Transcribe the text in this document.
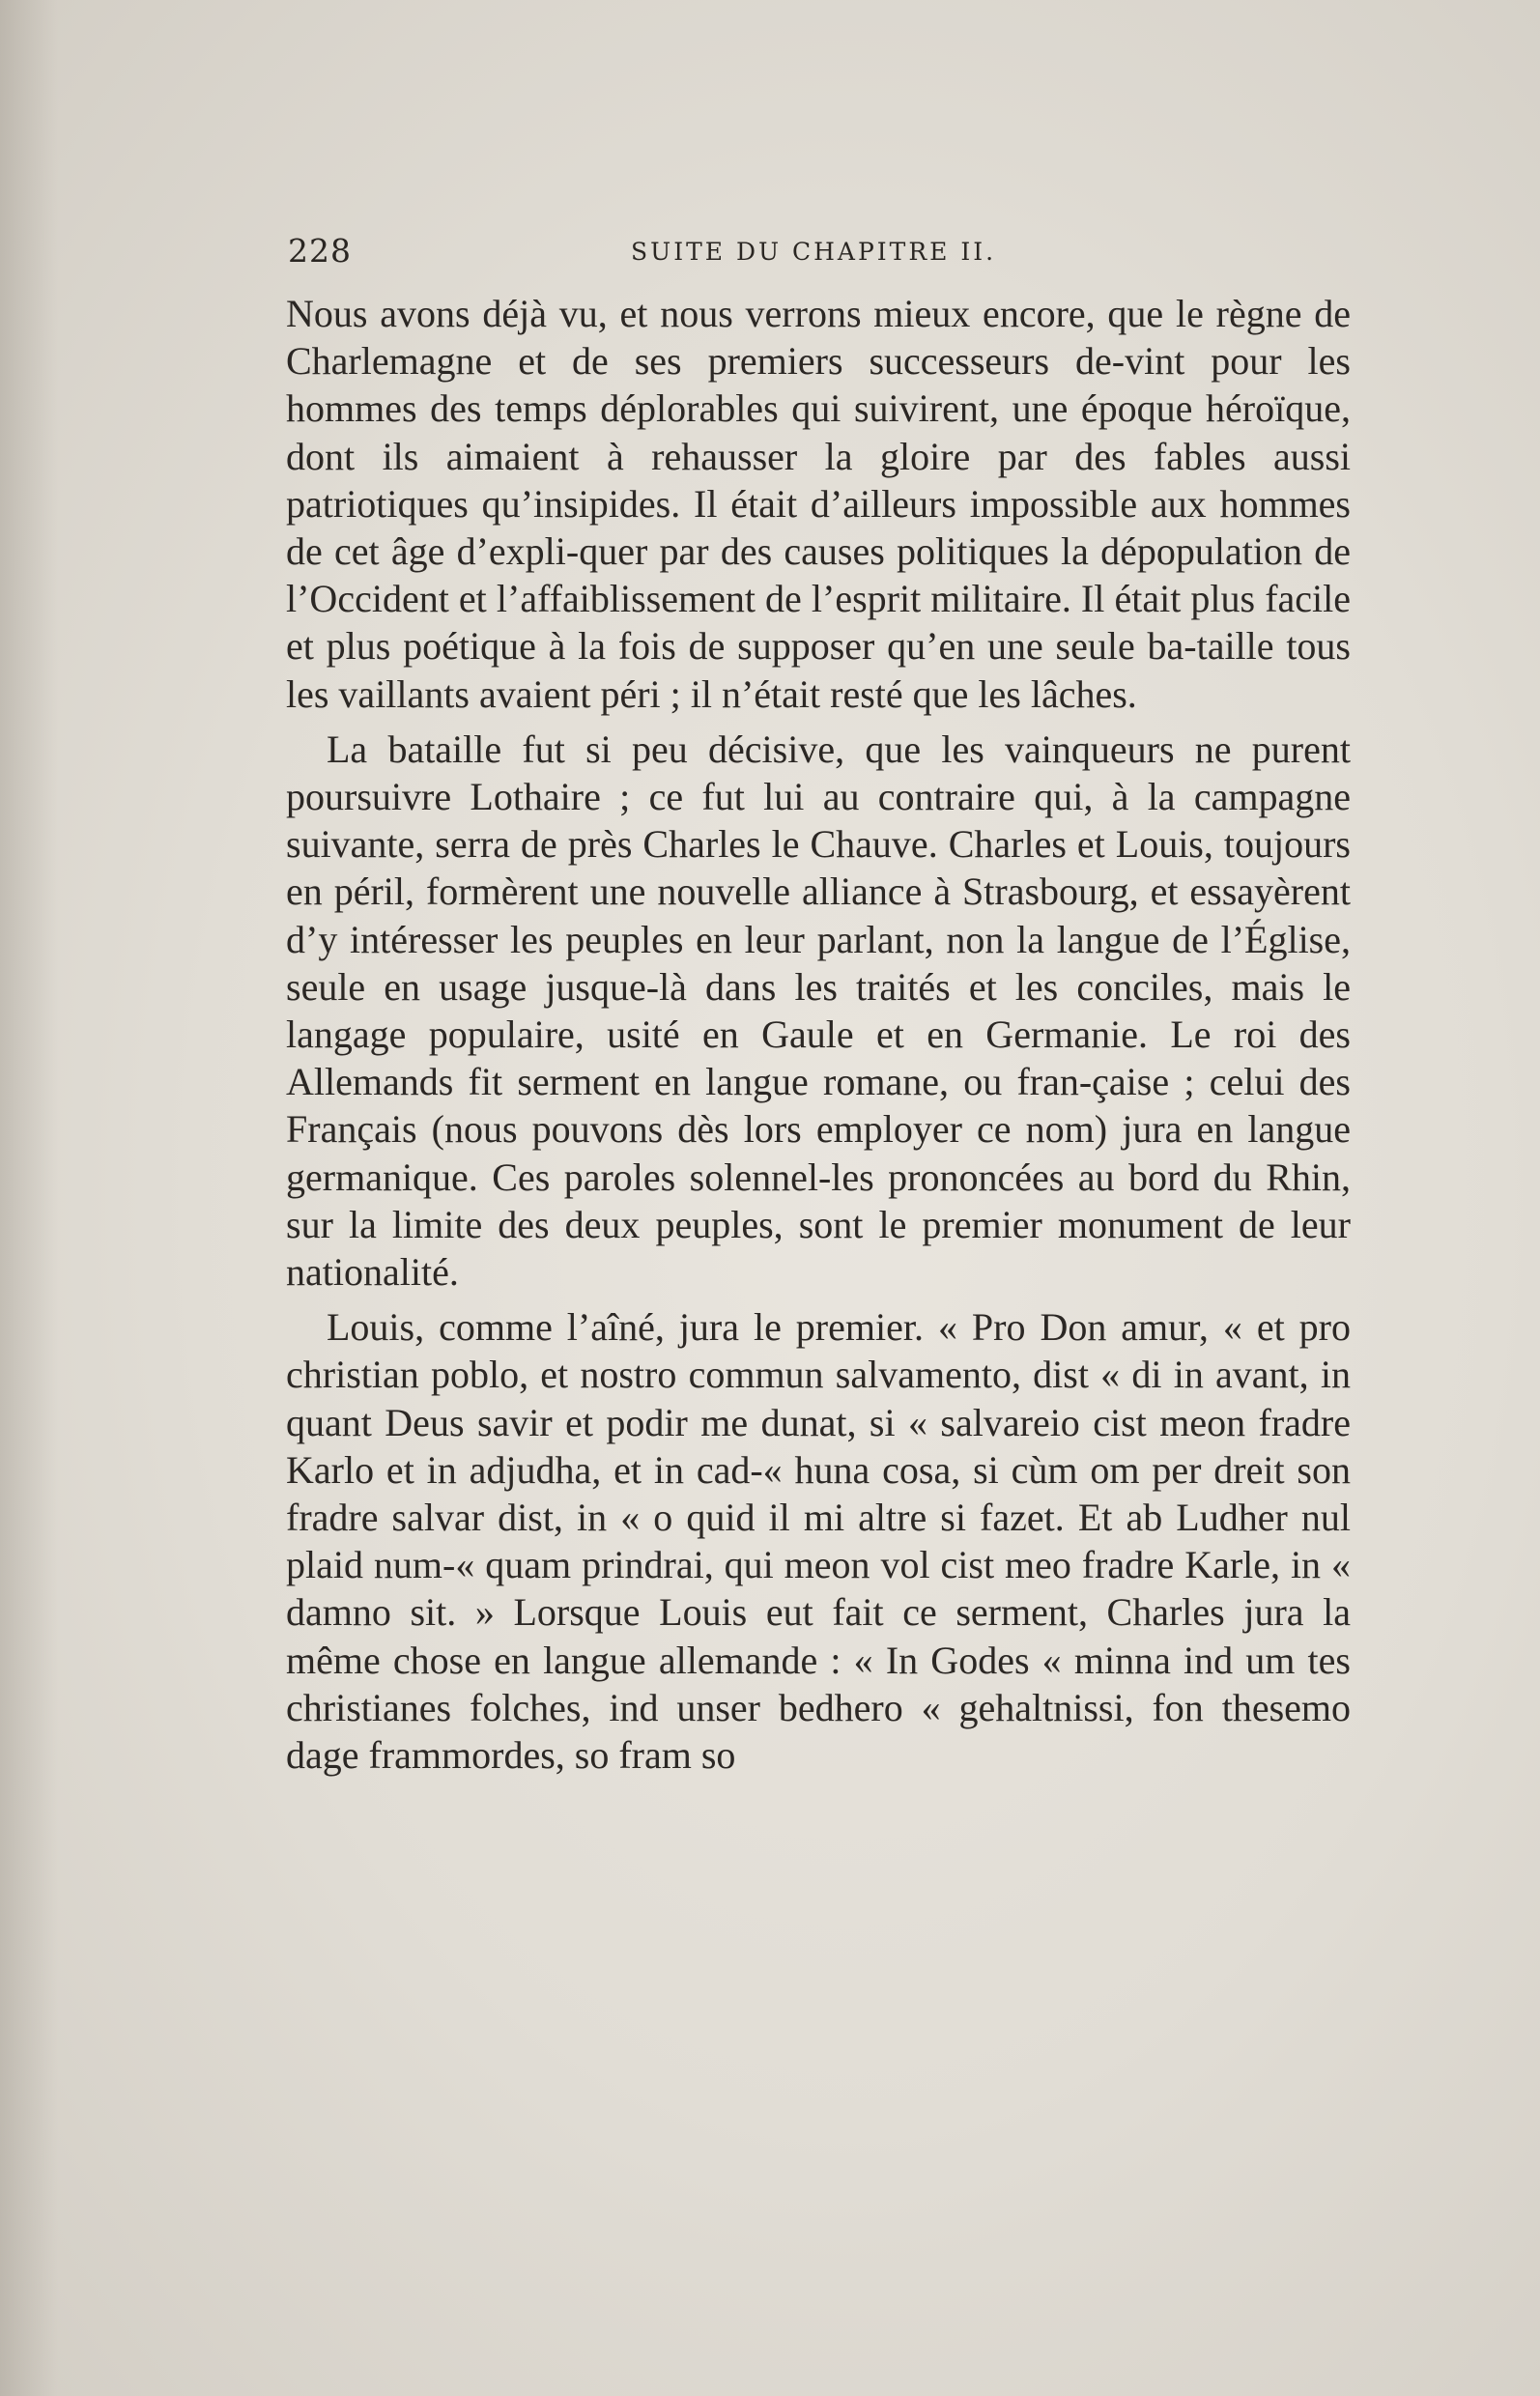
228	SUITE DU CHAPITRE II.

Nous avons déjà vu, et nous verrons mieux encore, que le règne de Charlemagne et de ses premiers successeurs de-vint pour les hommes des temps déplorables qui suivirent, une époque héroïque, dont ils aimaient à rehausser la gloire par des fables aussi patriotiques qu’insipides. Il était d’ailleurs impossible aux hommes de cet âge d’expli-quer par des causes politiques la dépopulation de l’Occident et l’affaiblissement de l’esprit militaire. Il était plus facile et plus poétique à la fois de supposer qu’en une seule ba-taille tous les vaillants avaient péri ; il n’était resté que les lâches.

La bataille fut si peu décisive, que les vainqueurs ne purent poursuivre Lothaire ; ce fut lui au contraire qui, à la campagne suivante, serra de près Charles le Chauve. Charles et Louis, toujours en péril, formèrent une nouvelle alliance à Strasbourg, et essayèrent d’y intéresser les peuples en leur parlant, non la langue de l’Église, seule en usage jusque-là dans les traités et les conciles, mais le langage populaire, usité en Gaule et en Germanie. Le roi des Allemands fit serment en langue romane, ou fran-çaise ; celui des Français (nous pouvons dès lors employer ce nom) jura en langue germanique. Ces paroles solennel-les prononcées au bord du Rhin, sur la limite des deux peuples, sont le premier monument de leur nationalité.

Louis, comme l’aîné, jura le premier. « Pro Don amur, « et pro christian poblo, et nostro commun salvamento, dist « di in avant, in quant Deus savir et podir me dunat, si « salvareio cist meon fradre Karlo et in adjudha, et in cad-« huna cosa, si cùm om per dreit son fradre salvar dist, in « o quid il mi altre si fazet. Et ab Ludher nul plaid num-« quam prindrai, qui meon vol cist meo fradre Karle, in « damno sit. » Lorsque Louis eut fait ce serment, Charles jura la même chose en langue allemande : « In Godes « minna ind um tes christianes folches, ind unser bedhero « gehaltnissi, fon thesemo dage frammordes, so fram so
